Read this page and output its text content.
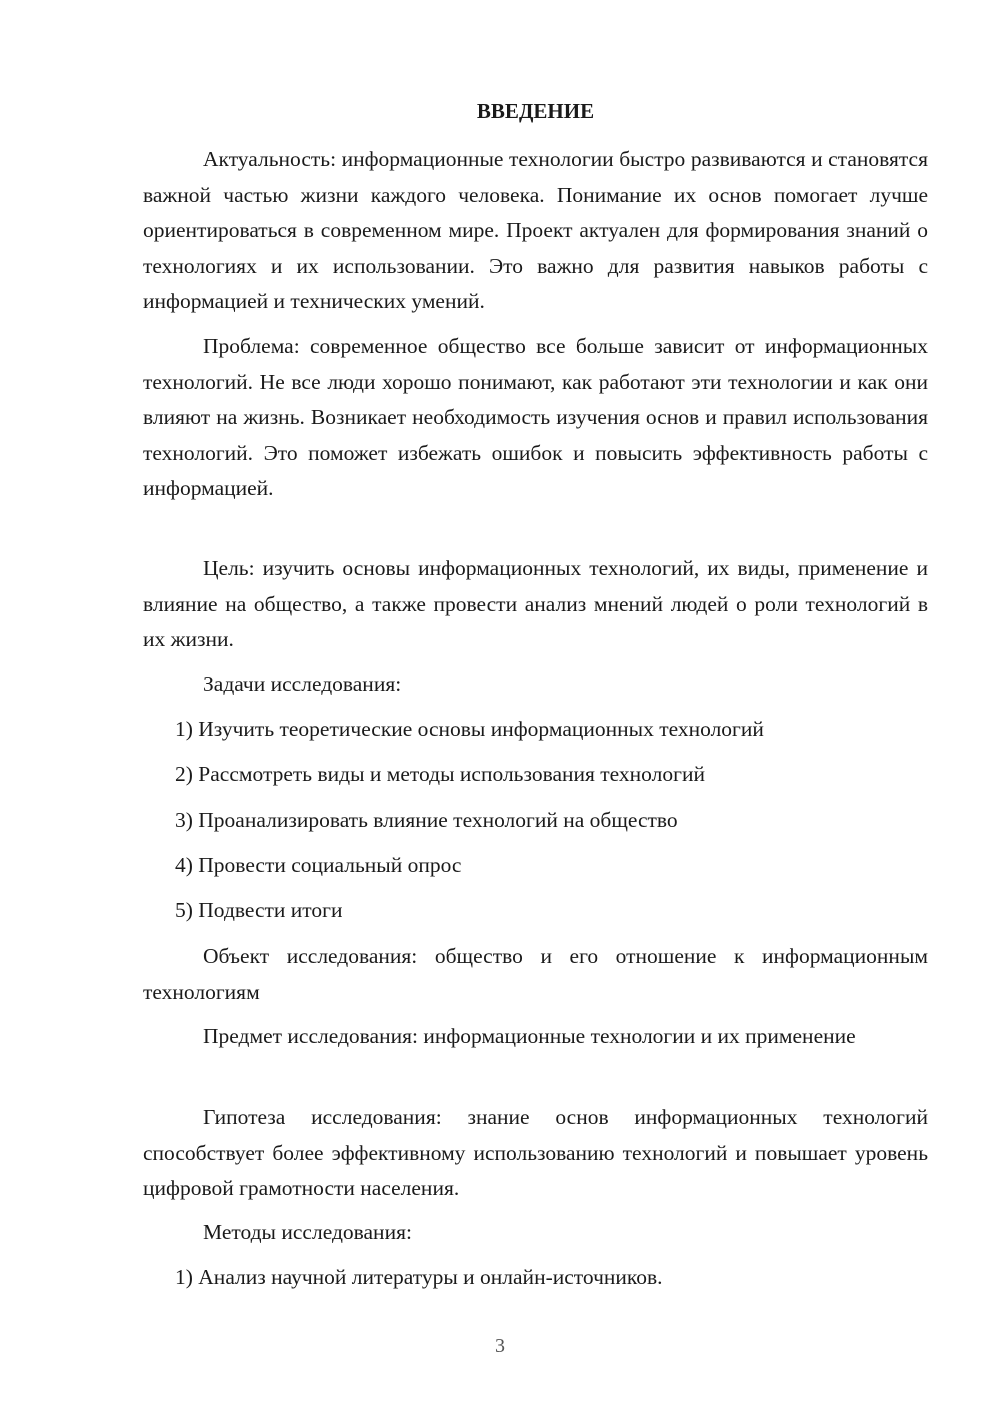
ВВЕДЕНИЕ

Актуальность: информационные технологии быстро развиваются и становятся важной частью жизни каждого человека. Понимание их основ помогает лучше ориентироваться в современном мире. Проект актуален для формирования знаний о технологиях и их использовании. Это важно для развития навыков работы с информацией и технических умений.

Проблема: современное общество все больше зависит от информационных технологий. Не все люди хорошо понимают, как работают эти технологии и как они влияют на жизнь. Возникает необходимость изучения основ и правил использования технологий. Это поможет избежать ошибок и повысить эффективность работы с информацией.

Цель: изучить основы информационных технологий, их виды, применение и влияние на общество, а также провести анализ мнений людей о роли технологий в их жизни.

Задачи исследования:

1) Изучить теоретические основы информационных технологий

2) Рассмотреть виды и методы использования технологий

3) Проанализировать влияние технологий на общество

4) Провести социальный опрос

5) Подвести итоги

Объект исследования: общество и его отношение к информационным технологиям

Предмет исследования: информационные технологии и их применение

Гипотеза исследования: знание основ информационных технологий способствует более эффективному использованию технологий и повышает уровень цифровой грамотности населения.

Методы исследования:

1) Анализ научной литературы и онлайн-источников.

3
